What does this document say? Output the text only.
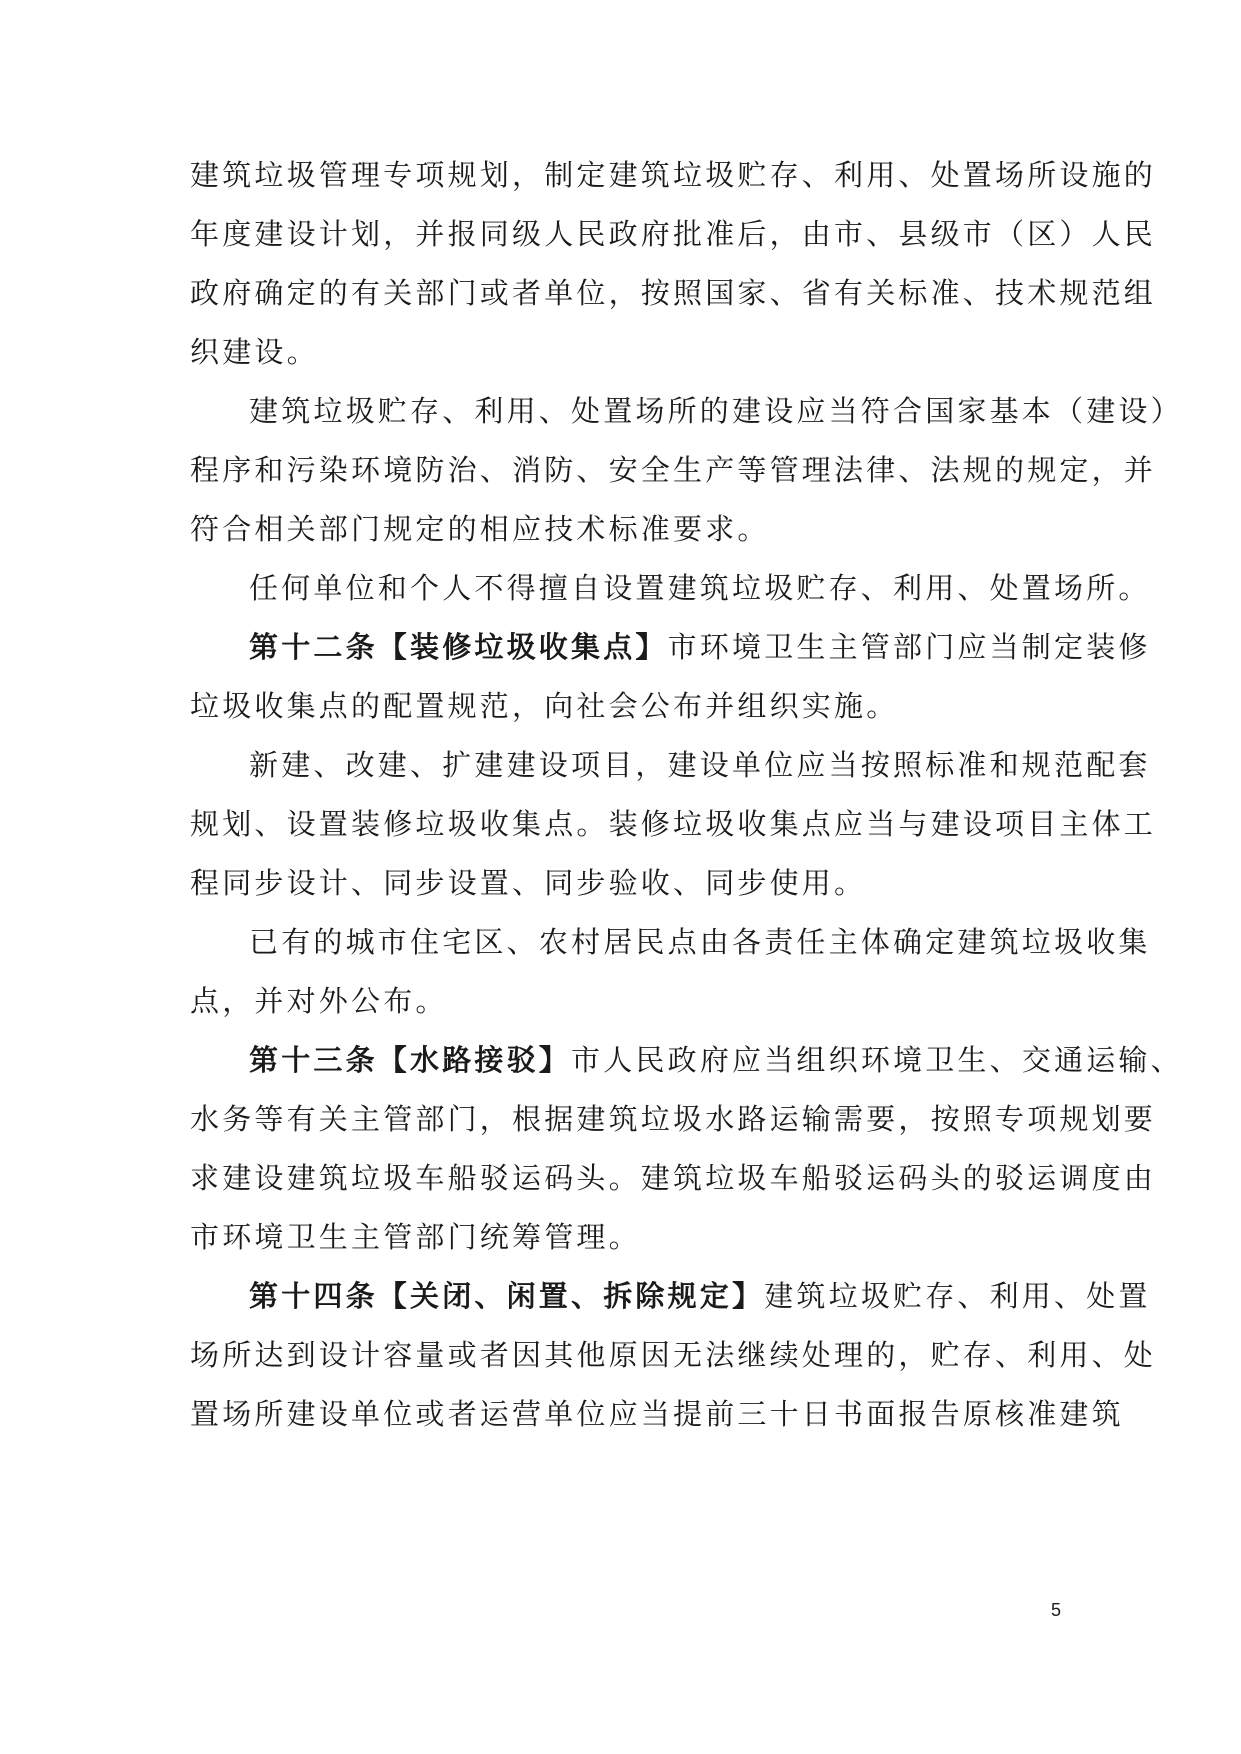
建筑垃圾管理专项规划，制定建筑垃圾贮存、利用、处置场所设施的
年度建设计划，并报同级人民政府批准后，由市、县级市（区）人民
政府确定的有关部门或者单位，按照国家、省有关标准、技术规范组
织建设。
建筑垃圾贮存、利用、处置场所的建设应当符合国家基本（建设）
程序和污染环境防治、消防、安全生产等管理法律、法规的规定，并
符合相关部门规定的相应技术标准要求。
任何单位和个人不得擅自设置建筑垃圾贮存、利用、处置场所。
第十二条【装修垃圾收集点】市环境卫生主管部门应当制定装修
垃圾收集点的配置规范，向社会公布并组织实施。
新建、改建、扩建建设项目，建设单位应当按照标准和规范配套
规划、设置装修垃圾收集点。装修垃圾收集点应当与建设项目主体工
程同步设计、同步设置、同步验收、同步使用。
已有的城市住宅区、农村居民点由各责任主体确定建筑垃圾收集
点，并对外公布。
第十三条【水路接驳】市人民政府应当组织环境卫生、交通运输、
水务等有关主管部门，根据建筑垃圾水路运输需要，按照专项规划要
求建设建筑垃圾车船驳运码头。建筑垃圾车船驳运码头的驳运调度由
市环境卫生主管部门统筹管理。
第十四条【关闭、闲置、拆除规定】建筑垃圾贮存、利用、处置
场所达到设计容量或者因其他原因无法继续处理的，贮存、利用、处
置场所建设单位或者运营单位应当提前三十日书面报告原核准建筑
5
